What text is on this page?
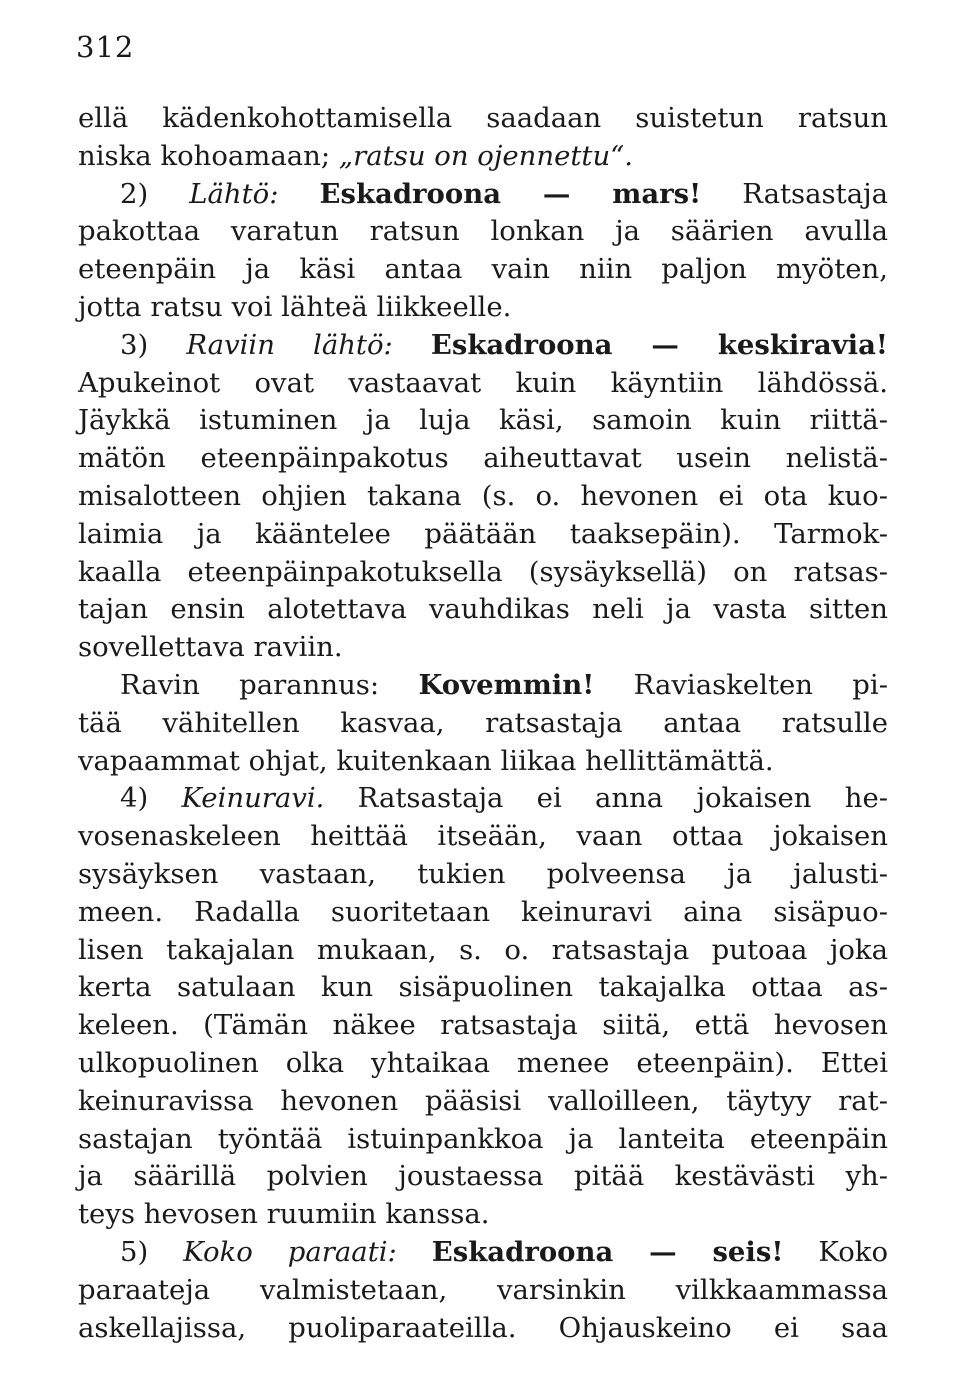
312
ellä kädenkohottamisella saadaan suistetun ratsun
niska kohoamaan; „ratsu on ojennettu“.
2) Lähtö: Eskadroona — mars! Ratsastaja
pakottaa varatun ratsun lonkan ja säärien avulla
eteenpäin ja käsi antaa vain niin paljon myöten,
jotta ratsu voi lähteä liikkeelle.
3) Raviin lähtö: Eskadroona — keskiravia!
Apukeinot ovat vastaavat kuin käyntiin lähdössä.
Jäykkä istuminen ja luja käsi, samoin kuin riittä-
mätön eteenpäinpakotus aiheuttavat usein nelistä-
misalotteen ohjien takana (s. o. hevonen ei ota kuo-
laimia ja kääntelee päätään taaksepäin). Tarmok-
kaalla eteenpäinpakotuksella (sysäyksellä) on ratsas-
tajan ensin alotettava vauhdikas neli ja vasta sitten
sovellettava raviin.
Ravin parannus: Kovemmin! Raviaskelten pi-
tää vähitellen kasvaa, ratsastaja antaa ratsulle
vapaammat ohjat, kuitenkaan liikaa hellittämättä.
4) Keinuravi. Ratsastaja ei anna jokaisen he-
vosenaskeleen heittää itseään, vaan ottaa jokaisen
sysäyksen vastaan, tukien polveensa ja jalusti-
meen. Radalla suoritetaan keinuravi aina sisäpuo-
lisen takajalan mukaan, s. o. ratsastaja putoaa joka
kerta satulaan kun sisäpuolinen takajalka ottaa as-
keleen. (Tämän näkee ratsastaja siitä, että hevosen
ulkopuolinen olka yhtaikaa menee eteenpäin). Ettei
keinuravissa hevonen pääsisi valloilleen, täytyy rat-
sastajan työntää istuinpankkoa ja lanteita eteenpäin
ja säärillä polvien joustaessa pitää kestävästi yh-
teys hevosen ruumiin kanssa.
5) Koko paraati: Eskadroona — seis! Koko
paraateja valmistetaan, varsinkin vilkkaammassa
askellajissa, puoliparaateilla. Ohjauskeino ei saa
